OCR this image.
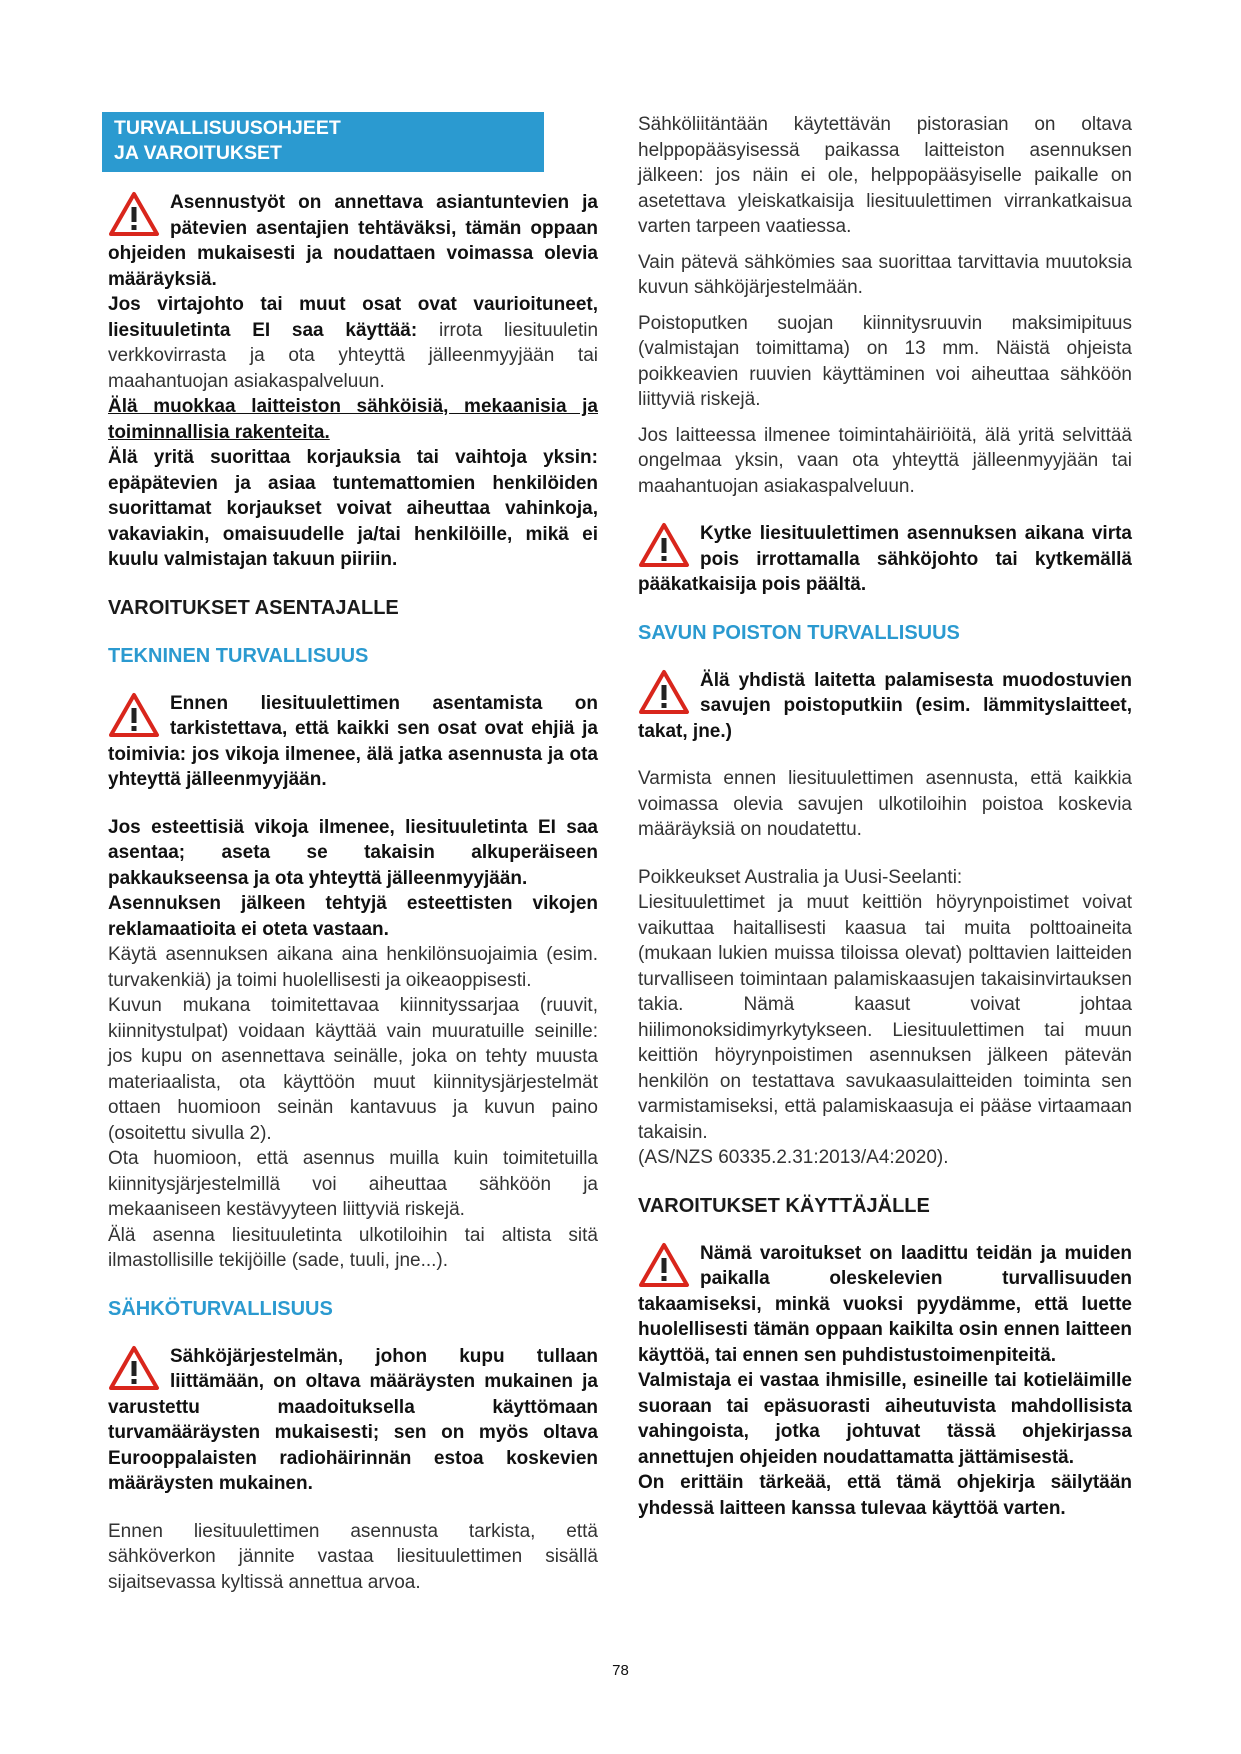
TURVALLISUUSOHJEET
JA VAROITUKSET

Asennustyöt on annettava asiantuntevien ja pätevien asentajien tehtäväksi, tämän oppaan ohjeiden mukaisesti ja noudattaen voimassa olevia määräyksiä.

Jos virtajohto tai muut osat ovat vaurioituneet, liesituuletinta EI saa käyttää: irrota liesituuletin verkkovirrasta ja ota yhteyttä jälleenmyyjään tai maahantuojan asiakaspalveluun.

Älä muokkaa laitteiston sähköisiä, mekaanisia ja toiminnallisia rakenteita.

Älä yritä suorittaa korjauksia tai vaihtoja yksin: epäpätevien ja asiaa tuntemattomien henkilöiden suorittamat korjaukset voivat aiheuttaa vahinkoja, vakaviakin, omaisuudelle ja/tai henkilöille, mikä ei kuulu valmistajan takuun piiriin.

VAROITUKSET ASENTAJALLE

TEKNINEN TURVALLISUUS

Ennen liesituulettimen asentamista on tarkistettava, että kaikki sen osat ovat ehjiä ja toimivia: jos vikoja ilmenee, älä jatka asennusta ja ota yhteyttä jälleenmyyjään.

Jos esteettisiä vikoja ilmenee, liesituuletinta EI saa asentaa; aseta se takaisin alkuperäiseen pakkaukseensa ja ota yhteyttä jälleenmyyjään.

Asennuksen jälkeen tehtyjä esteettisten vikojen reklamaatioita ei oteta vastaan.

Käytä asennuksen aikana aina henkilönsuojaimia (esim. turvakenkiä) ja toimi huolellisesti ja oikeaoppisesti.

Kuvun mukana toimitettavaa kiinnityssarjaa (ruuvit, kiinnitystulpat) voidaan käyttää vain muuratuille seinille: jos kupu on asennettava seinälle, joka on tehty muusta materiaalista, ota käyttöön muut kiinnitysjärjestelmät ottaen huomioon seinän kantavuus ja kuvun paino (osoitettu sivulla 2).

Ota huomioon, että asennus muilla kuin toimitetuilla kiinnitysjärjestelmillä voi aiheuttaa sähköön ja mekaaniseen kestävyyteen liittyviä riskejä.

Älä asenna liesituuletinta ulkotiloihin tai altista sitä ilmastollisille tekijöille (sade, tuuli, jne...).

SÄHKÖTURVALLISUUS

Sähköjärjestelmän, johon kupu tullaan liittämään, on oltava määräysten mukainen ja varustettu maadoituksella käyttömaan turvamääräysten mukaisesti; sen on myös oltava Eurooppalaisten radiohäirinnän estoa koskevien määräysten mukainen.

Ennen liesituulettimen asennusta tarkista, että sähköverkon jännite vastaa liesituulettimen sisällä sijaitsevassa kyltissä annettua arvoa.

Sähköliitäntään käytettävän pistorasian on oltava helppopääsyisessä paikassa laitteiston asennuksen jälkeen: jos näin ei ole, helppopääsyiselle paikalle on asetettava yleiskatkaisija liesituulettimen virrankatkaisua varten tarpeen vaatiessa.

Vain pätevä sähkömies saa suorittaa tarvittavia muutoksia kuvun sähköjärjestelmään.

Poistoputken suojan kiinnitysruuvin maksimipituus (valmistajan toimittama) on 13 mm. Näistä ohjeista poikkeavien ruuvien käyttäminen voi aiheuttaa sähköön liittyviä riskejä.

Jos laitteessa ilmenee toimintahäiriöitä, älä yritä selvittää ongelmaa yksin, vaan ota yhteyttä jälleenmyyjään tai maahantuojan asiakaspalveluun.

Kytke liesituulettimen asennuksen aikana virta pois irrottamalla sähköjohto tai kytkemällä pääkatkaisija pois päältä.

SAVUN POISTON TURVALLISUUS

Älä yhdistä laitetta palamisesta muodostuvien savujen poistoputkiin (esim. lämmityslaitteet, takat, jne.)

Varmista ennen liesituulettimen asennusta, että kaikkia voimassa olevia savujen ulkotiloihin poistoa koskevia määräyksiä on noudatettu.

Poikkeukset Australia ja Uusi-Seelanti:

Liesituulettimet ja muut keittiön höyrynpoistimet voivat vaikuttaa haitallisesti kaasua tai muita polttoaineita (mukaan lukien muissa tiloissa olevat) polttavien laitteiden turvalliseen toimintaan palamiskaasujen takaisinvirtauksen takia. Nämä kaasut voivat johtaa hiilimonoksidimyrkytykseen. Liesituulettimen tai muun keittiön höyrynpoistimen asennuksen jälkeen pätevän henkilön on testattava savukaasulaitteiden toiminta sen varmistamiseksi, että palamiskaasuja ei pääse virtaamaan takaisin.

(AS/NZS 60335.2.31:2013/A4:2020).

VAROITUKSET KÄYTTÄJÄLLE

Nämä varoitukset on laadittu teidän ja muiden paikalla oleskelevien turvallisuuden takaamiseksi, minkä vuoksi pyydämme, että luette huolellisesti tämän oppaan kaikilta osin ennen laitteen käyttöä, tai ennen sen puhdistustoimenpiteitä.

Valmistaja ei vastaa ihmisille, esineille tai kotieläimille suoraan tai epäsuorasti aiheutuvista mahdollisista vahingoista, jotka johtuvat tässä ohjekirjassa annettujen ohjeiden noudattamatta jättämisestä.

On erittäin tärkeää, että tämä ohjekirja säilytään yhdessä laitteen kanssa tulevaa käyttöä varten.

78
